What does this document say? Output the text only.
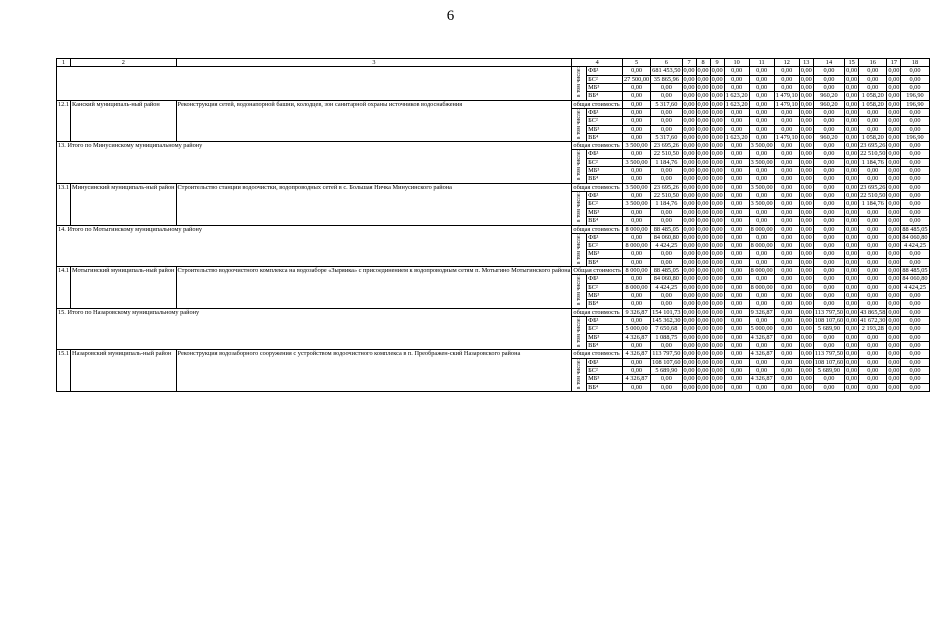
6
1	2	3	4		5	6	7	8	9	10	11	12	13	14	15	16	17	18
			в том числе:	ФБ¹	0,00	681 453,50	0,00	0,00	0,00	0,00	0,00	0,00	0,00	0,00	0,00	0,00	0,00	0,00
				БС²	27 500,00	35 865,96	0,00	0,00	0,00	0,00	0,00	0,00	0,00	0,00	0,00	0,00	0,00	0,00
				МБ³	0,00	0,00	0,00	0,00	0,00	0,00	0,00	0,00	0,00	0,00	0,00	0,00	0,00	0,00
				ВБ⁴	0,00	0,00	0,00	0,00	0,00	1 623,20	0,00	1 479,10	0,00	960,20	0,00	1 058,20	0,00	196,90
12.1	Канский муниципаль-ный район	Реконструкция сетей, водонапорной башни, колодцев, зон санитарной охраны источников водоснабжения	общая стоимость		0,00	5 317,60	0,00	0,00	0,00	1 623,20	0,00	1 479,10	0,00	960,20	0,00	1 058,20	0,00	196,90
			в том числе:	ФБ¹	0,00	0,00	0,00	0,00	0,00	0,00	0,00	0,00	0,00	0,00	0,00	0,00	0,00	0,00
				БС²	0,00	0,00	0,00	0,00	0,00	0,00	0,00	0,00	0,00	0,00	0,00	0,00	0,00	0,00
				МБ³	0,00	0,00	0,00	0,00	0,00	0,00	0,00	0,00	0,00	0,00	0,00	0,00	0,00	0,00
				ВБ⁴	0,00	5 317,60	0,00	0,00	0,00	1 623,20	0,00	1 479,10	0,00	960,20	0,00	1 058,20	0,00	196,90
13. Итого по Минусинскому муниципальному району			общая стоимость		3 500,00	23 695,26	0,00	0,00	0,00	0,00	3 500,00	0,00	0,00	0,00	0,00	23 695,26	0,00	0,00
			в том числе:	ФБ¹	0,00	22 510,50	0,00	0,00	0,00	0,00	0,00	0,00	0,00	0,00	0,00	22 510,50	0,00	0,00
				БС²	3 500,00	1 184,76	0,00	0,00	0,00	0,00	3 500,00	0,00	0,00	0,00	0,00	1 184,76	0,00	0,00
				МБ³	0,00	0,00	0,00	0,00	0,00	0,00	0,00	0,00	0,00	0,00	0,00	0,00	0,00	0,00
				ВБ⁴	0,00	0,00	0,00	0,00	0,00	0,00	0,00	0,00	0,00	0,00	0,00	0,00	0,00	0,00
13.1	Минусинский муниципаль-ный район	Строительство станции водоочистки, водопроводных сетей в с. Большая Ничка Минусинского района	общая стоимость		3 500,00	23 695,26	0,00	0,00	0,00	0,00	3 500,00	0,00	0,00	0,00	0,00	23 695,26	0,00	0,00
			в том числе:	ФБ¹	0,00	22 510,50	0,00	0,00	0,00	0,00	0,00	0,00	0,00	0,00	0,00	22 510,50	0,00	0,00
				БС²	3 500,00	1 184,76	0,00	0,00	0,00	0,00	3 500,00	0,00	0,00	0,00	0,00	1 184,76	0,00	0,00
				МБ³	0,00	0,00	0,00	0,00	0,00	0,00	0,00	0,00	0,00	0,00	0,00	0,00	0,00	0,00
				ВБ⁴	0,00	0,00	0,00	0,00	0,00	0,00	0,00	0,00	0,00	0,00	0,00	0,00	0,00	0,00
14. Итого по Мотыгинскому муниципальному району			общая стоимость		8 000,00	88 485,05	0,00	0,00	0,00	0,00	8 000,00	0,00	0,00	0,00	0,00	0,00	0,00	88 485,05
			в том числе:	ФБ¹	0,00	84 060,80	0,00	0,00	0,00	0,00	0,00	0,00	0,00	0,00	0,00	0,00	0,00	84 060,80
				БС²	8 000,00	4 424,25	0,00	0,00	0,00	0,00	8 000,00	0,00	0,00	0,00	0,00	0,00	0,00	4 424,25
				МБ³	0,00	0,00	0,00	0,00	0,00	0,00	0,00	0,00	0,00	0,00	0,00	0,00	0,00	0,00
				ВБ⁴	0,00	0,00	0,00	0,00	0,00	0,00	0,00	0,00	0,00	0,00	0,00	0,00	0,00	0,00
14.1	Мотыгинский муниципаль-ный район	Строительство водоочистного комплекса на водозаборе «Зыряика» с присоединением к водопроводным сетям п. Мотыгино Мотыгинского района	Общая стоимость		8 000,00	88 485,05	0,00	0,00	0,00	0,00	8 000,00	0,00	0,00	0,00	0,00	0,00	0,00	88 485,05
			в том числе:	ФБ¹	0,00	84 060,80	0,00	0,00	0,00	0,00	0,00	0,00	0,00	0,00	0,00	0,00	0,00	84 060,80
				БС²	8 000,00	4 424,25	0,00	0,00	0,00	0,00	8 000,00	0,00	0,00	0,00	0,00	0,00	0,00	4 424,25
				МБ³	0,00	0,00	0,00	0,00	0,00	0,00	0,00	0,00	0,00	0,00	0,00	0,00	0,00	0,00
				ВБ⁴	0,00	0,00	0,00	0,00	0,00	0,00	0,00	0,00	0,00	0,00	0,00	0,00	0,00	0,00
15. Итого по Назаровскому муниципальному району			общая стоимость		9 326,87	154 101,73	0,00	0,00	0,00	0,00	9 326,87	0,00	0,00	113 797,50	0,00	43 865,58	0,00	0,00
			в том числе:	ФБ¹	0,00	145 362,30	0,00	0,00	0,00	0,00	0,00	0,00	0,00	108 107,60	0,00	41 672,30	0,00	0,00
				БС²	5 000,00	7 650,68	0,00	0,00	0,00	0,00	5 000,00	0,00	0,00	5 689,90	0,00	2 193,28	0,00	0,00
				МБ³	4 326,87	1 088,75	0,00	0,00	0,00	0,00	4 326,87	0,00	0,00	0,00	0,00	0,00	0,00	0,00
				ВБ⁴	0,00	0,00	0,00	0,00	0,00	0,00	0,00	0,00	0,00	0,00	0,00	0,00	0,00	0,00
15.1	Назаровский муниципаль-ный район	Реконструкция водозаборного сооружения с устройством водоочистного комплекса в п. Преображен-ский Назаровского района	общая стоимость		4 326,87	113 797,50	0,00	0,00	0,00	0,00	4 326,87	0,00	0,00	113 797,50	0,00	0,00	0,00	0,00
			в том числе:	ФБ¹	0,00	108 107,60	0,00	0,00	0,00	0,00	0,00	0,00	0,00	108 107,60	0,00	0,00	0,00	0,00
				БС²	0,00	5 689,90	0,00	0,00	0,00	0,00	0,00	0,00	0,00	5 689,90	0,00	0,00	0,00	0,00
				МБ³	4 326,87	0,00	0,00	0,00	0,00	0,00	4 326,87	0,00	0,00	0,00	0,00	0,00	0,00	0,00
				ВБ⁴	0,00	0,00	0,00	0,00	0,00	0,00	0,00	0,00	0,00	0,00	0,00	0,00	0,00	0,00
